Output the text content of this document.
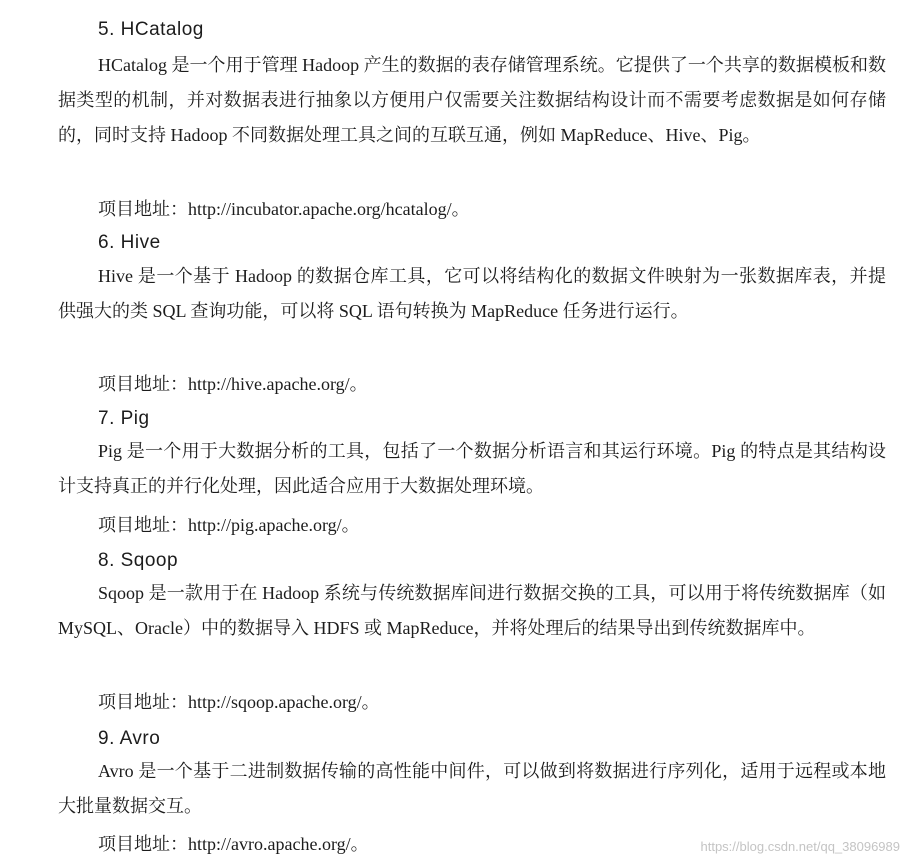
5. HCatalog

HCatalog 是一个用于管理 Hadoop 产生的数据的表存储管理系统。它提供了一个共享的数据模板和数据类型的机制，并对数据表进行抽象以方便用户仅需要关注数据结构设计而不需要考虑数据是如何存储的，同时支持 Hadoop 不同数据处理工具之间的互联互通，例如 MapReduce、Hive、Pig。

项目地址：http://incubator.apache.org/hcatalog/。

6. Hive

Hive 是一个基于 Hadoop 的数据仓库工具，它可以将结构化的数据文件映射为一张数据库表，并提供强大的类 SQL 查询功能，可以将 SQL 语句转换为 MapReduce 任务进行运行。

项目地址：http://hive.apache.org/。

7. Pig

Pig 是一个用于大数据分析的工具，包括了一个数据分析语言和其运行环境。Pig 的特点是其结构设计支持真正的并行化处理，因此适合应用于大数据处理环境。

项目地址：http://pig.apache.org/。

8. Sqoop

Sqoop 是一款用于在 Hadoop 系统与传统数据库间进行数据交换的工具，可以用于将传统数据库（如 MySQL、Oracle）中的数据导入 HDFS 或 MapReduce，并将处理后的结果导出到传统数据库中。

项目地址：http://sqoop.apache.org/。

9. Avro

Avro 是一个基于二进制数据传输的高性能中间件，可以做到将数据进行序列化，适用于远程或本地大批量数据交互。

项目地址：http://avro.apache.org/。	https://blog.csdn.net/qq_38096989
